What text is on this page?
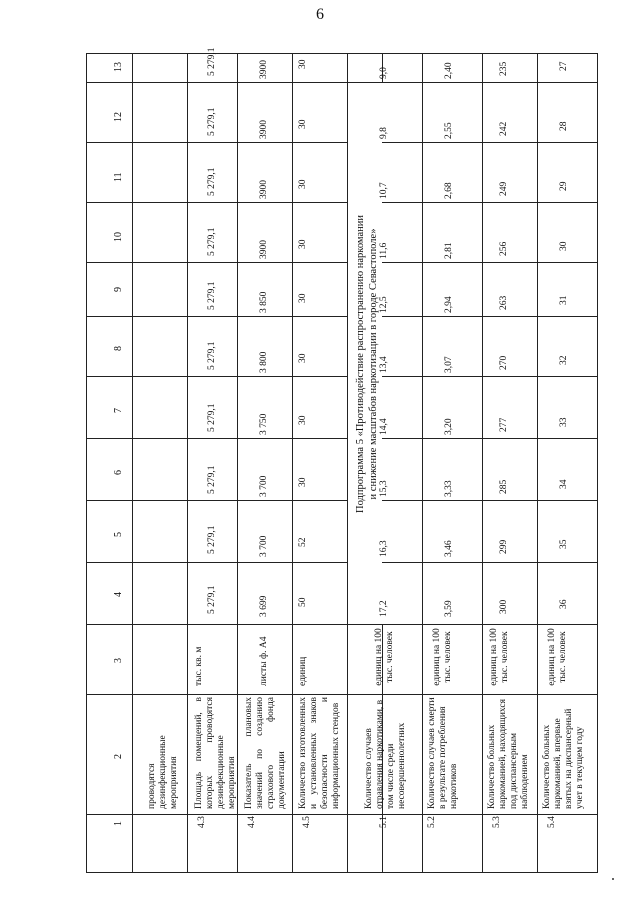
6
1
2
3
4
5
6
7
8
9
10
11
12
13
проводятся дезинфекционные мероприятия
4.3
Площадь помещений, в которых проводятся дезинфекционные мероприятия
тыс. кв. м
5 279,1
5 279,1
5 279,1
5 279,1
5 279,1
5 279,1
5 279,1
5 279,1
5 279,1
5 279,1
4.4
Показатель плановых значений по созданию страхового фонда документации
листы ф. А4
3 699
3 700
3 700
3 750
3 800
3 850
3900
3900
3900
3900
4.5
Количество изготовленных и установленных знаков безопасности и информационных стендов
единиц
50
52
30
30
30
30
30
30
30
30
Подпрограмма 5 «Противодействие распространению наркомании и снижение масштабов наркотизации в городе Севастополе»
5.1
Количество случаев отравления наркотиками, в том числе среди несовершеннолетних
единиц на 100 тыс. человек
17,2
16,3
15,3
14,4
13,4
12,5
11,6
10,7
9,8
9,0
5.2
Количество случаев смерти в результате потребления наркотиков
единиц на 100 тыс. человек
3,59
3,46
3,33
3,20
3,07
2,94
2,81
2,68
2,55
2,40
5.3
Количество больных наркоманией, находящихся под диспансерным наблюдением
единиц на 100 тыс. человек
300
299
285
277
270
263
256
249
242
235
5.4
Количество больных наркоманией, впервые взятых на диспансерный учет в текущем году
единиц на 100 тыс. человек
36
35
34
33
32
31
30
29
28
27
